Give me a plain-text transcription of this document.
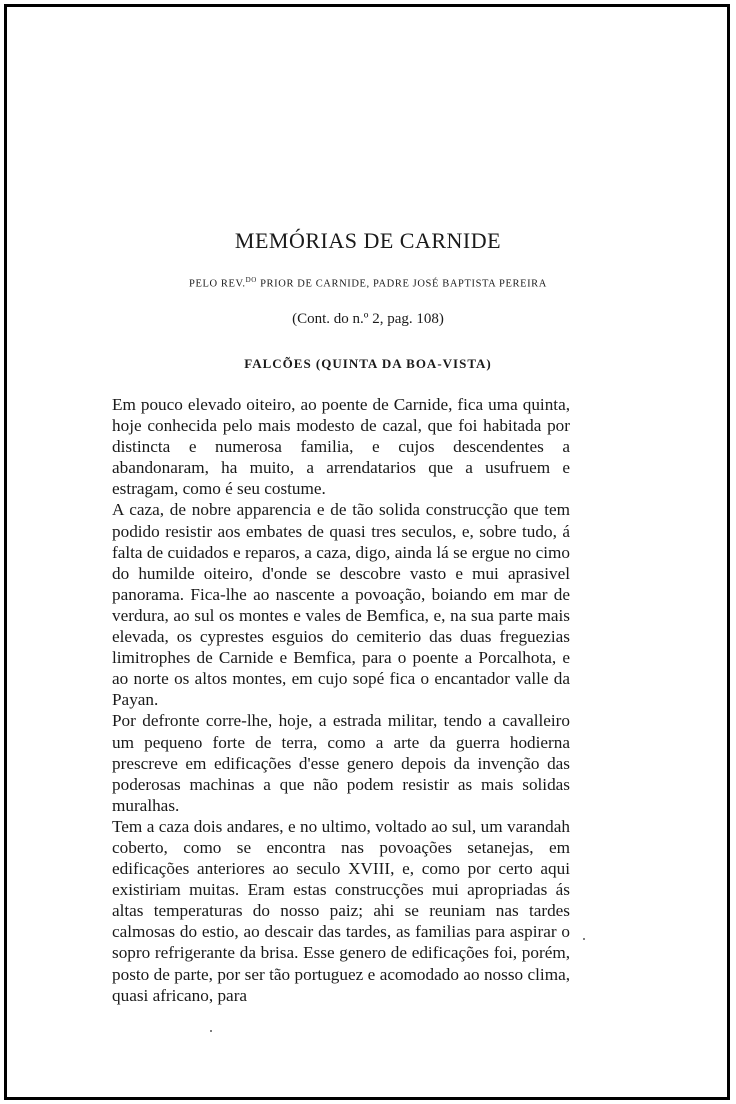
MEMÓRIAS DE CARNIDE

PELO REV.$^{DO}$ PRIOR DE CARNIDE, PADRE JOSÉ BAPTISTA PEREIRA

(Cont. do n.º 2, pag. 108)

FALCÕES (QUINTA DA BOA-VISTA)

Em pouco elevado oiteiro, ao poente de Carnide, fica uma quinta, hoje conhecida pelo mais modesto de cazal, que foi habitada por distincta e numerosa familia, e cujos descendentes a abandonaram, ha muito, a arrendatarios que a usufruem e estragam, como é seu costume.

A caza, de nobre apparencia e de tão solida construcção que tem podido resistir aos embates de quasi tres seculos, e, sobre tudo, á falta de cuidados e reparos, a caza, digo, ainda lá se ergue no cimo do humilde oiteiro, d'onde se descobre vasto e mui aprasivel panorama. Fica-lhe ao nascente a povoação, boiando em mar de verdura, ao sul os montes e vales de Bemfica, e, na sua parte mais elevada, os cyprestes esguios do cemiterio das duas freguezias limitrophes de Carnide e Bemfica, para o poente a Porcalhota, e ao norte os altos montes, em cujo sopé fica o encantador valle da Payan.

Por defronte corre-lhe, hoje, a estrada militar, tendo a cavalleiro um pequeno forte de terra, como a arte da guerra hodierna prescreve em edificações d'esse genero depois da invenção das poderosas machinas a que não podem resistir as mais solidas muralhas.

Tem a caza dois andares, e no ultimo, voltado ao sul, um varandah coberto, como se encontra nas povoações setanejas, em edificações anteriores ao seculo XVIII, e, como por certo aqui existiriam muitas. Eram estas construcções mui apropriadas ás altas temperaturas do nosso paiz; ahi se reuniam nas tardes calmosas do estio, ao descair das tardes, as familias para aspirar o sopro refrigerante da brisa. Esse genero de edificações foi, porém, posto de parte, por ser tão portuguez e acomodado ao nosso clima, quasi africano, para
